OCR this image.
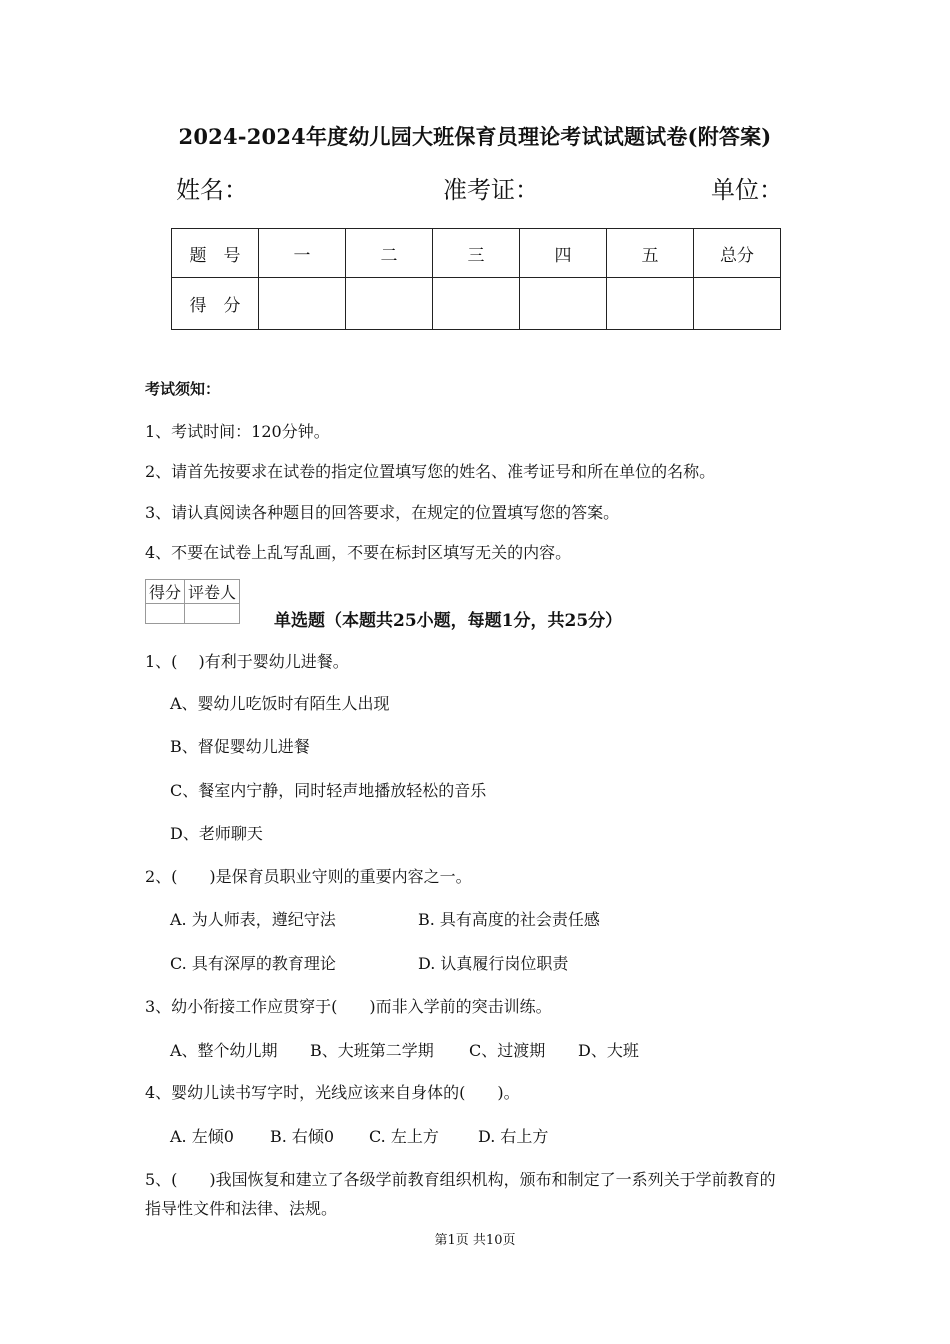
2024-2024年度幼儿园大班保育员理论考试试题试卷(附答案)
姓名：	准考证：	单位：
题　号	一	二	三	四	五	总分
得　分						
考试须知：
1、考试时间：120分钟。
2、请首先按要求在试卷的指定位置填写您的姓名、准考证号和所在单位的名称。
3、请认真阅读各种题目的回答要求，在规定的位置填写您的答案。
4、不要在试卷上乱写乱画，不要在标封区填写无关的内容。
得分	评卷人

单选题（本题共25小题，每题1分，共25分）
1、(　 )有利于婴幼儿进餐。
A、婴幼儿吃饭时有陌生人出现
B、督促婴幼儿进餐
C、餐室内宁静，同时轻声地播放轻松的音乐
D、老师聊天
2、(　　)是保育员职业守则的重要内容之一。
A. 为人师表，遵纪守法	B. 具有高度的社会责任感
C. 具有深厚的教育理论	D. 认真履行岗位职责
3、幼小衔接工作应贯穿于(　　)而非入学前的突击训练。
A、整个幼儿期 B、大班第二学期 C、过渡期 D、大班
4、婴幼儿读书写字时，光线应该来自身体的(　　)。
A. 左倾0 B. 右倾0 C. 左上方 D. 右上方
5、(　　)我国恢复和建立了各级学前教育组织机构，颁布和制定了一系列关于学前教育的
指导性文件和法律、法规。
第1页 共10页
